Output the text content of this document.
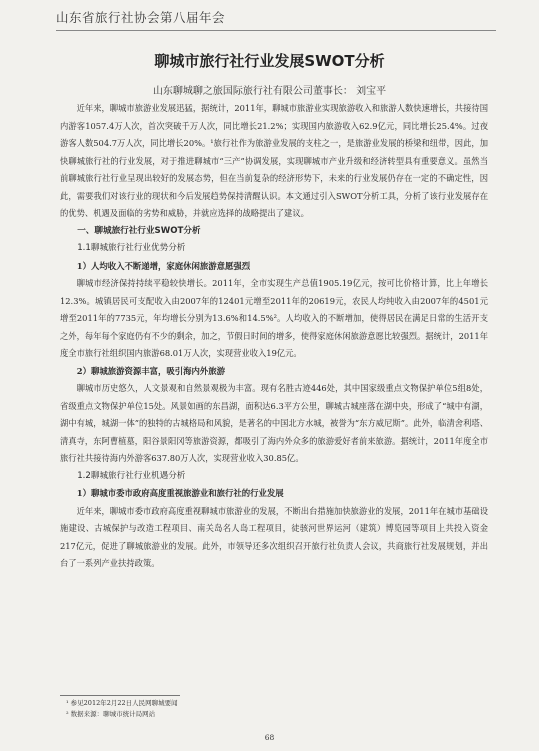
山东省旅行社协会第八届年会
聊城市旅行社行业发展SWOT分析
山东聊城聊之旅国际旅行社有限公司董事长： 刘宝平

近年来，聊城市旅游业发展迅猛，据统计，2011年，聊城市旅游业实现旅游收入和旅游人数快速增长，共接待国内游客1057.4万人次，首次突破千万人次，同比增长21.2%；实现国内旅游收入62.9亿元，同比增长25.4%。过夜游客人数504.7万人次，同比增长20%。¹旅行社作为旅游业发展的支柱之一，是旅游业发展的桥梁和纽带，因此，加快聊城旅行社的行业发展，对于推进聊城市“三产”协调发展，实现聊城市产业升级和经济转型具有重要意义。虽然当前聊城旅行社行业呈现出较好的发展态势，但在当前复杂的经济形势下，未来的行业发展仍存在一定的不确定性，因此，需要我们对该行业的现状和今后发展趋势保持清醒认识。本文通过引入SWOT分析工具，分析了该行业发展存在的优势、机遇及面临的劣势和威胁，并就应选择的战略提出了建议。

一、聊城旅行社行业SWOT分析

1.1聊城旅行社行业优势分析

1）人均收入不断递增，家庭休闲旅游意愿强烈

聊城市经济保持持续平稳较快增长。2011年，全市实现生产总值1905.19亿元，按可比价格计算，比上年增长12.3%。城镇居民可支配收入由2007年的12401元增至2011年的20619元，农民人均纯收入由2007年的4501元增至2011年的7735元，年均增长分别为13.6%和14.5%²。人均收入的不断增加，使得居民在满足日常的生活开支之外，每年每个家庭仍有不少的剩余，加之，节假日时间的增多，使得家庭休闲旅游意愿比较强烈。据统计，2011年度全市旅行社组织国内旅游68.01万人次，实现营业收入19亿元。

2）聊城旅游资源丰富，吸引海内外旅游

聊城市历史悠久，人文景观和自然景观极为丰富。现有名胜古迹446处，其中国家级重点文物保护单位5组8处，省级重点文物保护单位15处。风景如画的东昌湖，面积达6.3平方公里，聊城古城座落在湖中央，形成了“城中有湖，湖中有城，城湖一体”的独特的古城格局和风貌，是著名的中国北方水城，被誉为“东方威尼斯”。此外，临清舍利塔、清真寺，东阿曹植墓，阳谷景阳冈等旅游资源，都吸引了海内外众多的旅游爱好者前来旅游。据统计，2011年度全市旅行社共接待海内外游客637.80万人次，实现营业收入30.85亿。

1.2聊城旅行社行业机遇分析

1）聊城市委市政府高度重视旅游业和旅行社的行业发展

近年来，聊城市委市政府高度重视聊城市旅游业的发展，不断出台措施加快旅游业的发展，2011年在城市基础设施建设、古城保护与改造工程项目、南关岛名人岛工程项目，徒骇河世界运河（建筑）博览园等项目上共投入资金217亿元，促进了聊城旅游业的发展。此外，市领导还多次组织召开旅行社负责人会议，共商旅行社发展规划，并出台了一系列产业扶持政策。

¹ 参见2012年2月22日人民网聊城要闻
² 数据来源：聊城市统计局网站
68
